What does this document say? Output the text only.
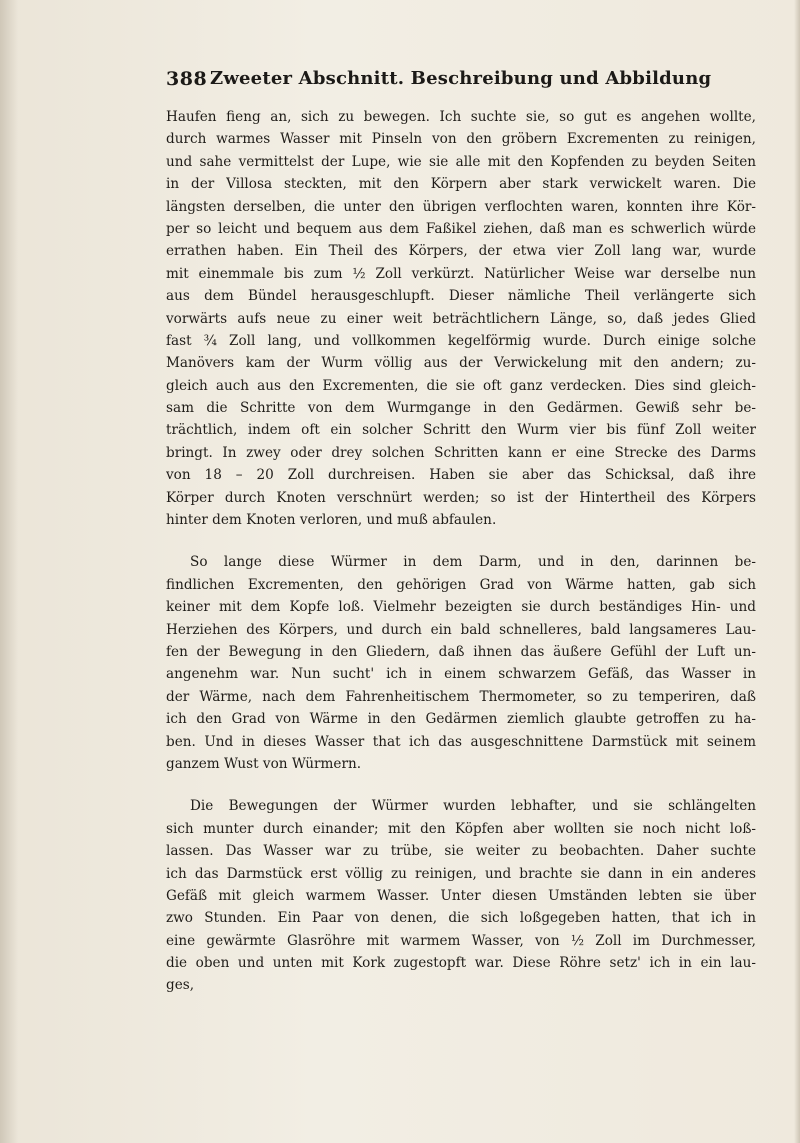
388 Zweeter Abschnitt. Beschreibung und Abbildung
Haufen fieng an, sich zu bewegen. Ich suchte sie, so gut es angehen wollte,
durch warmes Wasser mit Pinseln von den gröbern Excrementen zu reinigen,
und sahe vermittelst der Lupe, wie sie alle mit den Kopfenden zu beyden Seiten
in der Villosa steckten, mit den Körpern aber stark verwickelt waren. Die
längsten derselben, die unter den übrigen verflochten waren, konnten ihre Kör-
per so leicht und bequem aus dem Faßikel ziehen, daß man es schwerlich würde
errathen haben. Ein Theil des Körpers, der etwa vier Zoll lang war, wurde
mit einemmale bis zum ½ Zoll verkürzt. Natürlicher Weise war derselbe nun
aus dem Bündel herausgeschlupft. Dieser nämliche Theil verlängerte sich
vorwärts aufs neue zu einer weit beträchtlichern Länge, so, daß jedes Glied
fast ¾ Zoll lang, und vollkommen kegelförmig wurde. Durch einige solche
Manövers kam der Wurm völlig aus der Verwickelung mit den andern; zu-
gleich auch aus den Excrementen, die sie oft ganz verdecken. Dies sind gleich-
sam die Schritte von dem Wurmgange in den Gedärmen. Gewiß sehr be-
trächtlich, indem oft ein solcher Schritt den Wurm vier bis fünf Zoll weiter
bringt. In zwey oder drey solchen Schritten kann er eine Strecke des Darms
von 18 – 20 Zoll durchreisen. Haben sie aber das Schicksal, daß ihre
Körper durch Knoten verschnürt werden; so ist der Hintertheil des Körpers
hinter dem Knoten verloren, und muß abfaulen.
So lange diese Würmer in dem Darm, und in den, darinnen be-
findlichen Excrementen, den gehörigen Grad von Wärme hatten, gab sich
keiner mit dem Kopfe loß. Vielmehr bezeigten sie durch beständiges Hin- und
Herziehen des Körpers, und durch ein bald schnelleres, bald langsameres Lau-
fen der Bewegung in den Gliedern, daß ihnen das äußere Gefühl der Luft un-
angenehm war. Nun sucht' ich in einem schwarzem Gefäß, das Wasser in
der Wärme, nach dem Fahrenheitischem Thermometer, so zu temperiren, daß
ich den Grad von Wärme in den Gedärmen ziemlich glaubte getroffen zu ha-
ben. Und in dieses Wasser that ich das ausgeschnittene Darmstück mit seinem
ganzem Wust von Würmern.
Die Bewegungen der Würmer wurden lebhafter, und sie schlängelten
sich munter durch einander; mit den Köpfen aber wollten sie noch nicht loß-
lassen. Das Wasser war zu trübe, sie weiter zu beobachten. Daher suchte
ich das Darmstück erst völlig zu reinigen, und brachte sie dann in ein anderes
Gefäß mit gleich warmem Wasser. Unter diesen Umständen lebten sie über
zwo Stunden. Ein Paar von denen, die sich loßgegeben hatten, that ich in
eine gewärmte Glasröhre mit warmem Wasser, von ½ Zoll im Durchmesser,
die oben und unten mit Kork zugestopft war. Diese Röhre setz' ich in ein lau-
ges,
